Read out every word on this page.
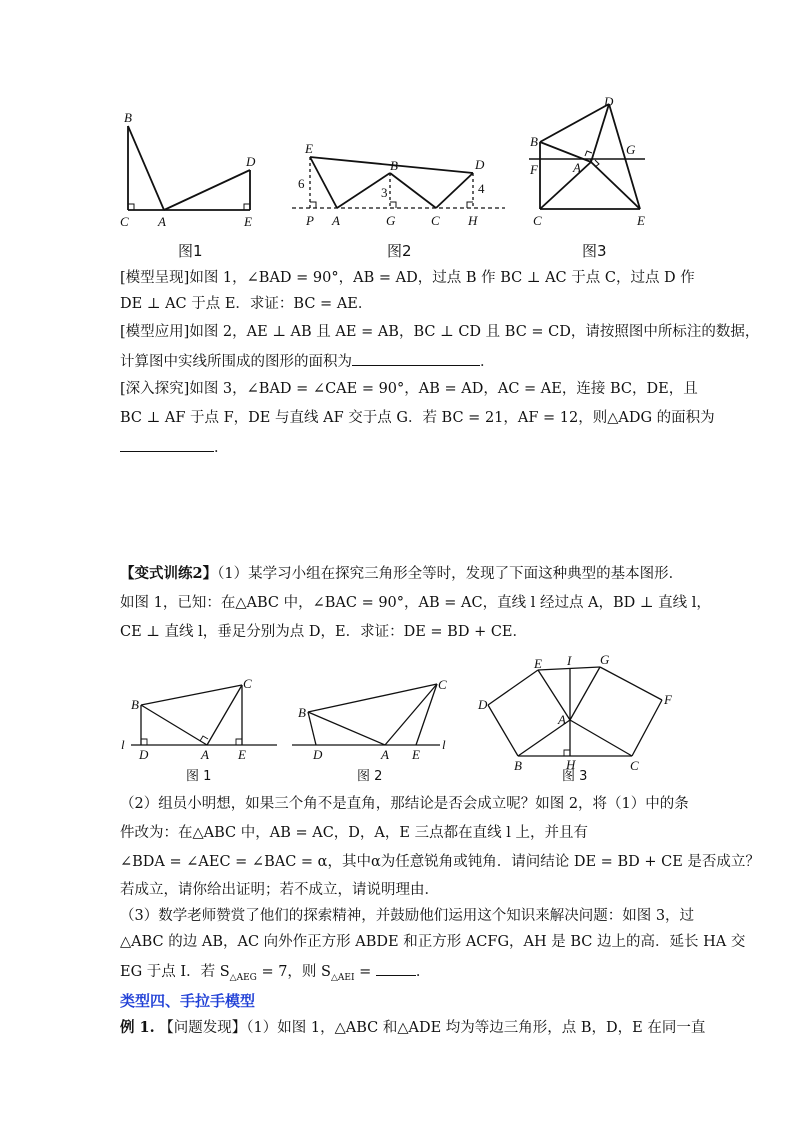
B
C A
D
E
图1
E
B	D
6
3	4
P A	G	C H
图2
D
B
G
F	A
C	E
图3
[模型呈现]如图 1，∠BAD = 90°，AB = AD，过点 B 作 BC ⊥ AC 于点 C，过点 D 作
DE ⊥ AC 于点 E．求证：BC = AE．
[模型应用]如图 2，AE ⊥ AB 且 AE = AB，BC ⊥ CD 且 BC = CD，请按照图中所标注的数据，
计算图中实线所围成的图形的面积为	．
[深入探究]如图 3，∠BAD = ∠CAE = 90°，AB = AD，AC = AE，连接 BC，DE，且
BC ⊥ AF 于点 F，DE 与直线 AF 交于点 G．若 BC = 21，AF = 12，则△ADG 的面积为
．
【变式训练2】（1）某学习小组在探究三角形全等时，发现了下面这种典型的基本图形．
如图 1，已知：在△ABC 中，∠BAC = 90°，AB = AC，直线 l 经过点 A，BD ⊥ 直线 l，
CE ⊥ 直线 l，垂足分别为点 D，E．求证：DE = BD + CE．
B
C
l
D	A E
图 1
B
C
D	A E
l
图 2
E I G
D	F
A
B	H	C
图 3
（2）组员小明想，如果三个角不是直角，那结论是否会成立呢？如图 2，将（1）中的条
件改为：在△ABC 中，AB = AC，D，A，E 三点都在直线 l 上，并且有
∠BDA = ∠AEC = ∠BAC = α，其中α为任意锐角或钝角．请问结论 DE = BD + CE 是否成立？
若成立，请你给出证明；若不成立，请说明理由．
（3）数学老师赞赏了他们的探索精神，并鼓励他们运用这个知识来解决问题：如图 3，过
△ABC 的边 AB，AC 向外作正方形 ABDE 和正方形 ACFG，AH 是 BC 边上的高．延长 HA 交
EG 于点 I．若 $S_{\triangle AEG} = 7$，则 $S_{\triangle AEI}$ =	．
类型四、手拉手模型
例 1. 【问题发现】（1）如图 1，△ABC 和△ADE 均为等边三角形，点 B，D，E 在同一直
